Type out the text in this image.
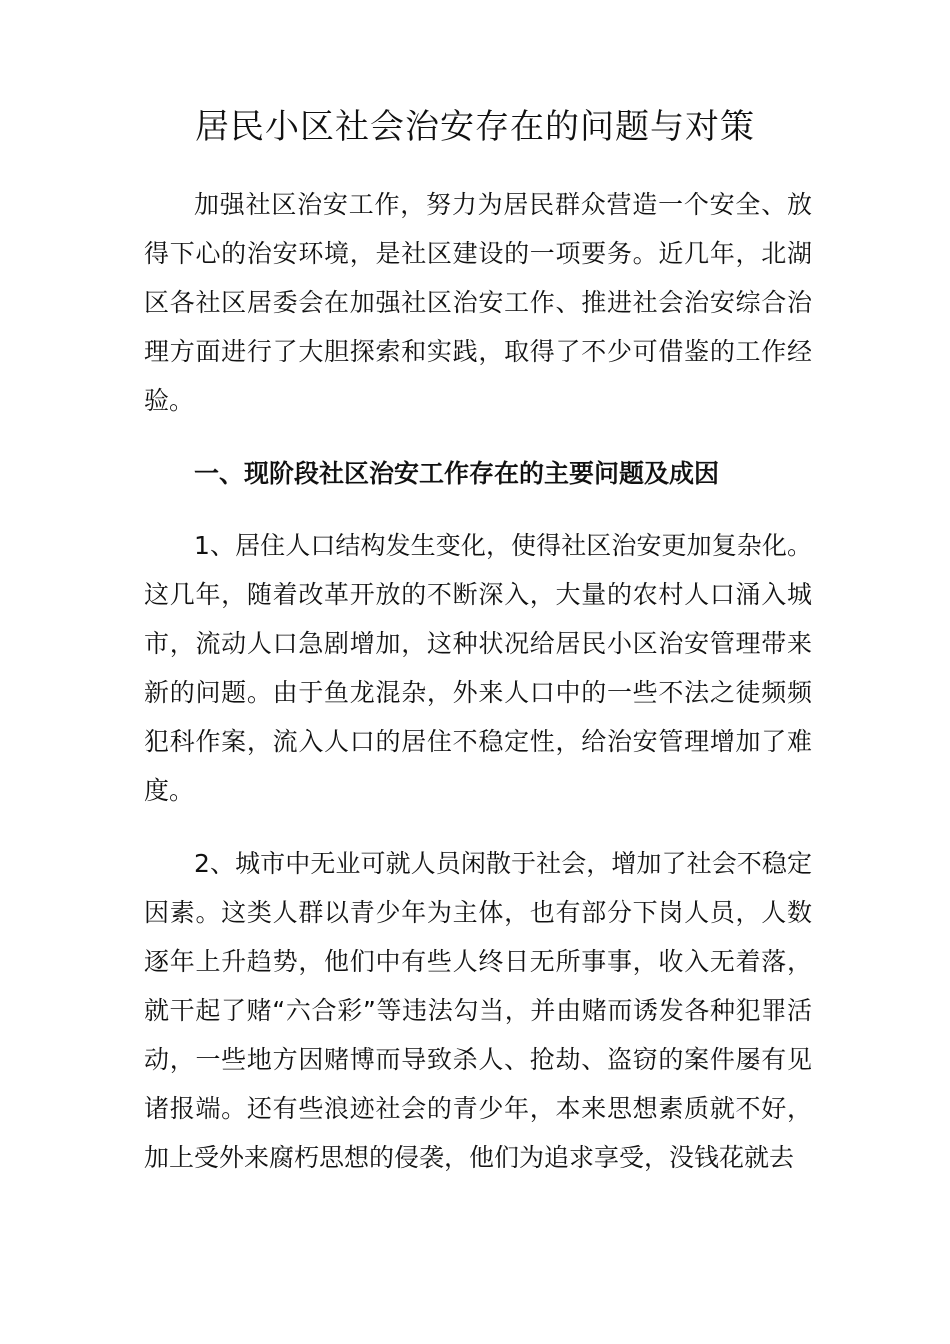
居民小区社会治安存在的问题与对策

加强社区治安工作，努力为居民群众营造一个安全、放得下心的治安环境，是社区建设的一项要务。近几年，北湖区各社区居委会在加强社区治安工作、推进社会治安综合治理方面进行了大胆探索和实践，取得了不少可借鉴的工作经验。

一、现阶段社区治安工作存在的主要问题及成因

1、居住人口结构发生变化，使得社区治安更加复杂化。这几年，随着改革开放的不断深入，大量的农村人口涌入城市，流动人口急剧增加，这种状况给居民小区治安管理带来新的问题。由于鱼龙混杂，外来人口中的一些不法之徒频频犯科作案，流入人口的居住不稳定性，给治安管理增加了难度。

2、城市中无业可就人员闲散于社会，增加了社会不稳定因素。这类人群以青少年为主体，也有部分下岗人员，人数逐年上升趋势，他们中有些人终日无所事事，收入无着落，就干起了赌“六合彩”等违法勾当，并由赌而诱发各种犯罪活动，一些地方因赌博而导致杀人、抢劫、盗窃的案件屡有见诸报端。还有些浪迹社会的青少年，本来思想素质就不好，加上受外来腐朽思想的侵袭，他们为追求享受，没钱花就去
